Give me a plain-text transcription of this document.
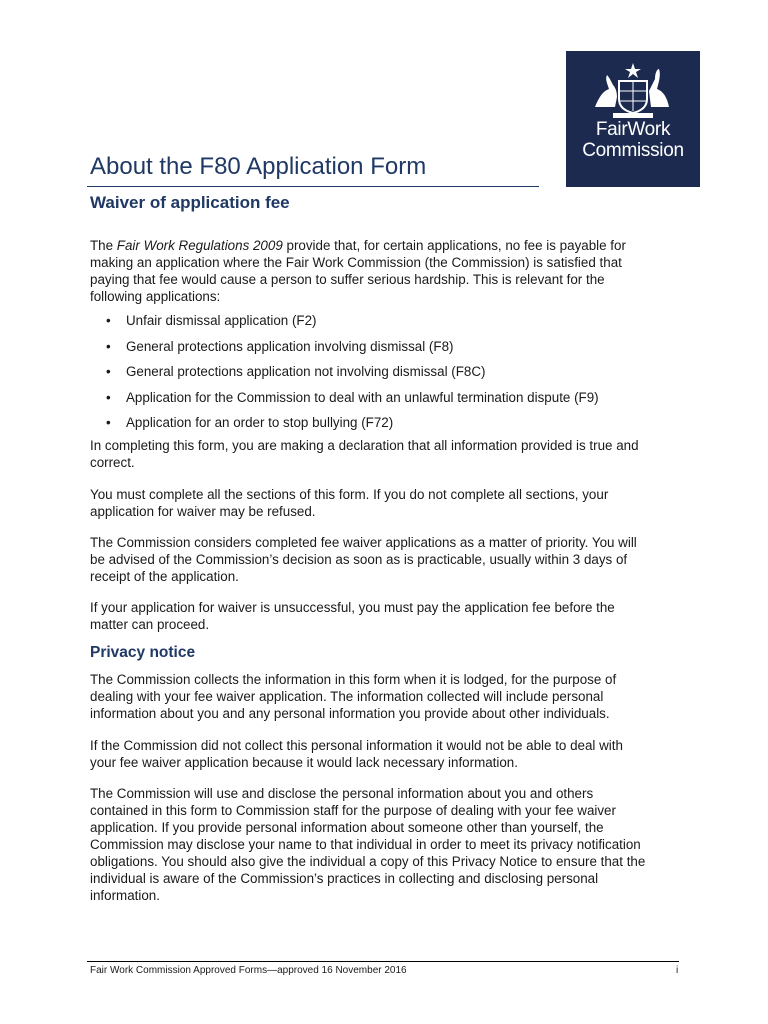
FairWork
Commission
About the F80 Application Form
Waiver of application fee

The Fair Work Regulations 2009 provide that, for certain applications, no fee is payable for making an application where the Fair Work Commission (the Commission) is satisfied that paying that fee would cause a person to suffer serious hardship. This is relevant for the following applications:

• Unfair dismissal application (F2)
• General protections application involving dismissal (F8)
• General protections application not involving dismissal (F8C)
• Application for the Commission to deal with an unlawful termination dispute (F9)
• Application for an order to stop bullying (F72)

In completing this form, you are making a declaration that all information provided is true and correct.

You must complete all the sections of this form. If you do not complete all sections, your application for waiver may be refused.

The Commission considers completed fee waiver applications as a matter of priority. You will be advised of the Commission’s decision as soon as is practicable, usually within 3 days of receipt of the application.

If your application for waiver is unsuccessful, you must pay the application fee before the matter can proceed.

Privacy notice

The Commission collects the information in this form when it is lodged, for the purpose of dealing with your fee waiver application. The information collected will include personal information about you and any personal information you provide about other individuals.

If the Commission did not collect this personal information it would not be able to deal with your fee waiver application because it would lack necessary information.

The Commission will use and disclose the personal information about you and others contained in this form to Commission staff for the purpose of dealing with your fee waiver application. If you provide personal information about someone other than yourself, the Commission may disclose your name to that individual in order to meet its privacy notification obligations. You should also give the individual a copy of this Privacy Notice to ensure that the individual is aware of the Commission’s practices in collecting and disclosing personal information.

Fair Work Commission Approved Forms—approved 16 November 2016	i
